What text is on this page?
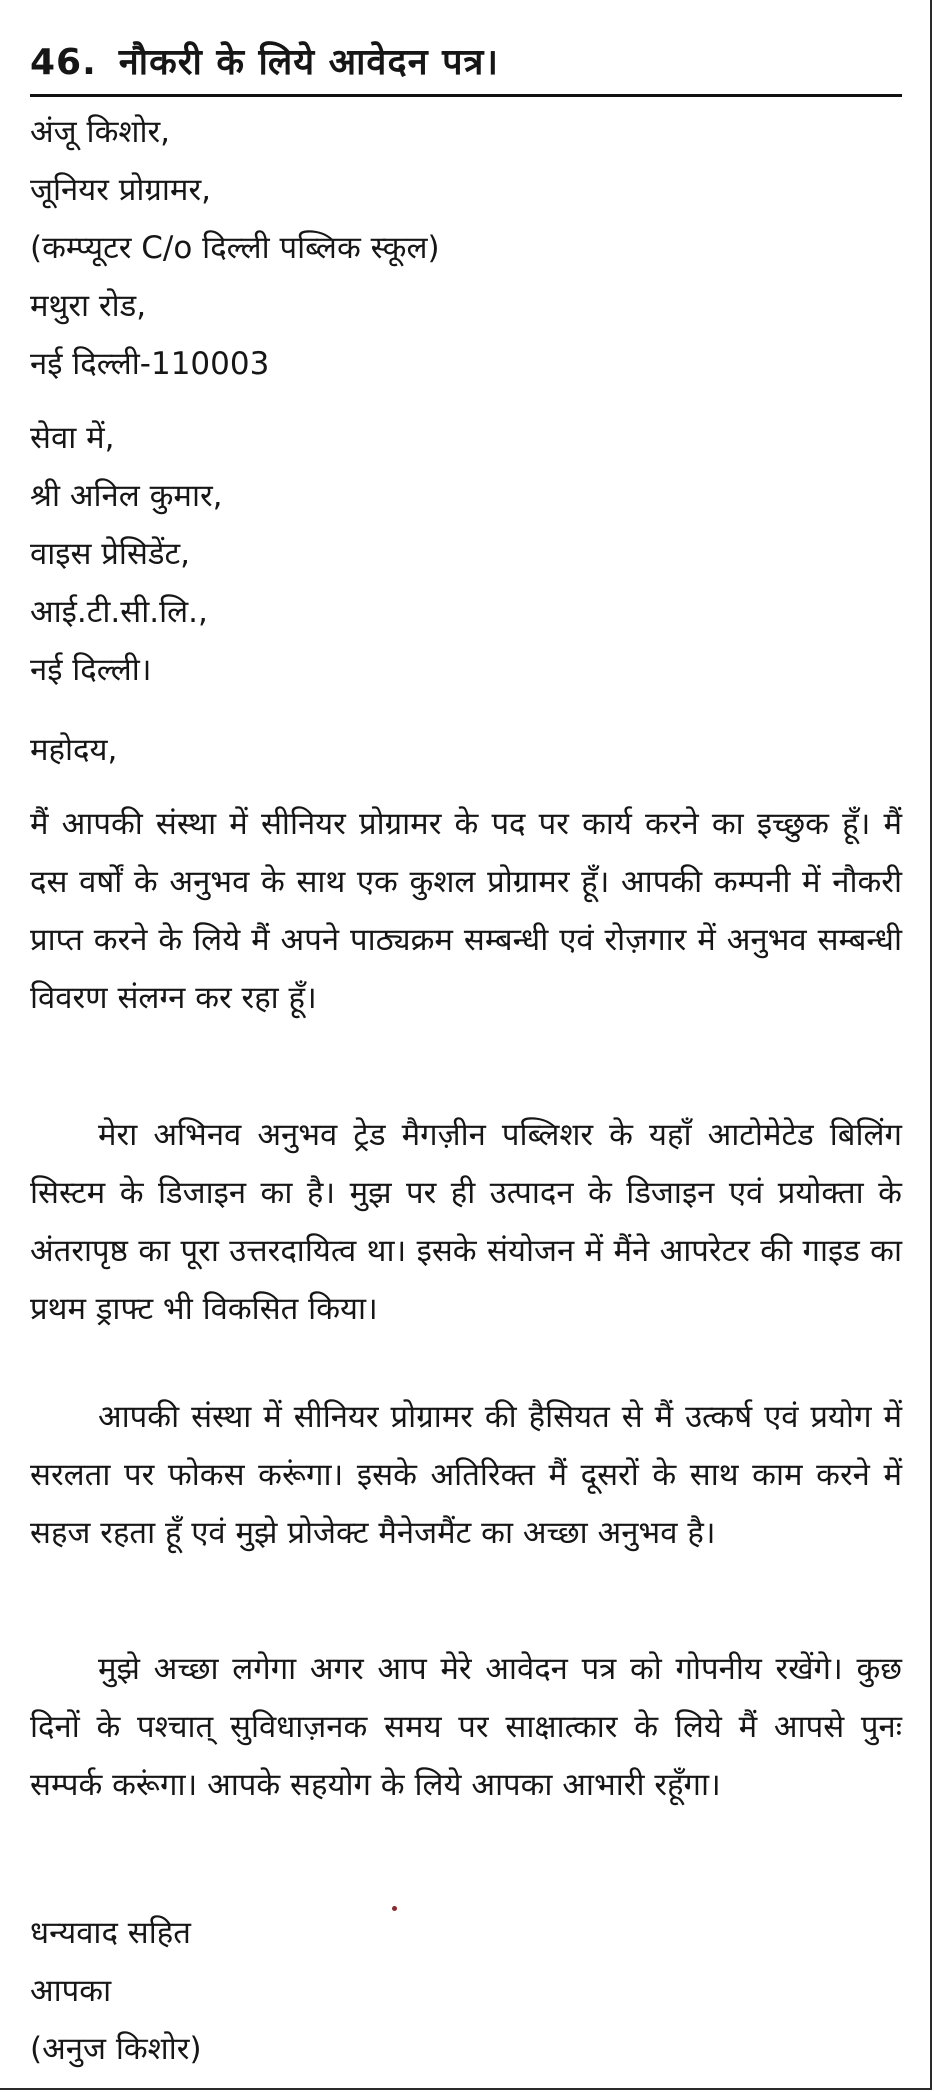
46. नौकरी के लिये आवेदन पत्र।
अंजू किशोर,
जूनियर प्रोग्रामर,
(कम्प्यूटर C/o दिल्ली पब्लिक स्कूल)
मथुरा रोड,
नई दिल्ली-110003
सेवा में,
श्री अनिल कुमार,
वाइस प्रेसिडेंट,
आई.टी.सी.लि.,
नई दिल्ली।
महोदय,

मैं आपकी संस्था में सीनियर प्रोग्रामर के पद पर कार्य करने का इच्छुक हूँ। मैं दस वर्षों के अनुभव के साथ एक कुशल प्रोग्रामर हूँ। आपकी कम्पनी में नौकरी प्राप्त करने के लिये मैं अपने पाठ्यक्रम सम्बन्धी एवं रोज़गार में अनुभव सम्बन्धी विवरण संलग्न कर रहा हूँ।

मेरा अभिनव अनुभव ट्रेड मैगज़ीन पब्लिशर के यहाँ आटोमेटेड बिलिंग सिस्टम के डिजाइन का है। मुझ पर ही उत्पादन के डिजाइन एवं प्रयोक्ता के अंतरापृष्ठ का पूरा उत्तरदायित्व था। इसके संयोजन में मैंने आपरेटर की गाइड का प्रथम ड्राफ्ट भी विकसित किया।

आपकी संस्था में सीनियर प्रोग्रामर की हैसियत से मैं उत्कर्ष एवं प्रयोग में सरलता पर फोकस करूंगा। इसके अतिरिक्त मैं दूसरों के साथ काम करने में सहज रहता हूँ एवं मुझे प्रोजेक्ट मैनेजमैंट का अच्छा अनुभव है।

मुझे अच्छा लगेगा अगर आप मेरे आवेदन पत्र को गोपनीय रखेंगे। कुछ दिनों के पश्चात् सुविधाज़नक समय पर साक्षात्कार के लिये मैं आपसे पुनः सम्पर्क करूंगा। आपके सहयोग के लिये आपका आभारी रहूँगा।

धन्यवाद सहित
आपका
(अनुज किशोर)
